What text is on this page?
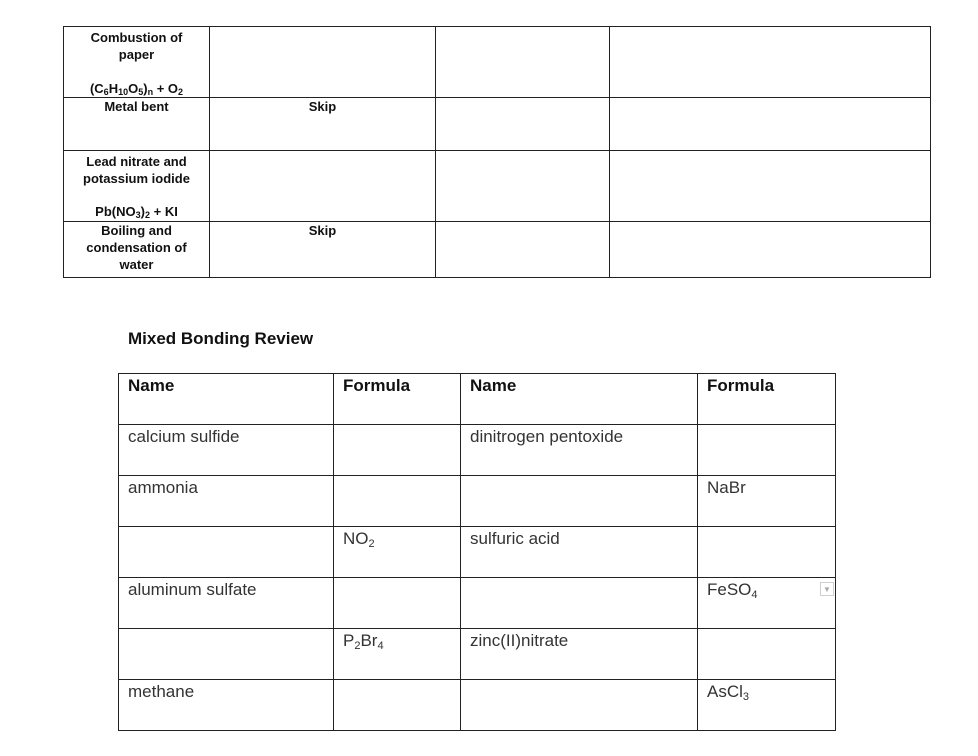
Combustion of
paper
$(C_6H_{10}O_5)_n + O_2$

Metal bent	Skip		

Lead nitrate and
potassium iodide
$Pb(NO_3)_2$ + KI			

Boiling and
condensation of
water	Skip		
Mixed Bonding Review
Name	Formula	Name	Formula
calcium sulfide		dinitrogen pentoxide	
ammonia			NaBr
	NO2	sulfuric acid	
aluminum sulfate			FeSO4 ▼

	P2Br4	zinc(II)nitrate	
methane			AsCl3
